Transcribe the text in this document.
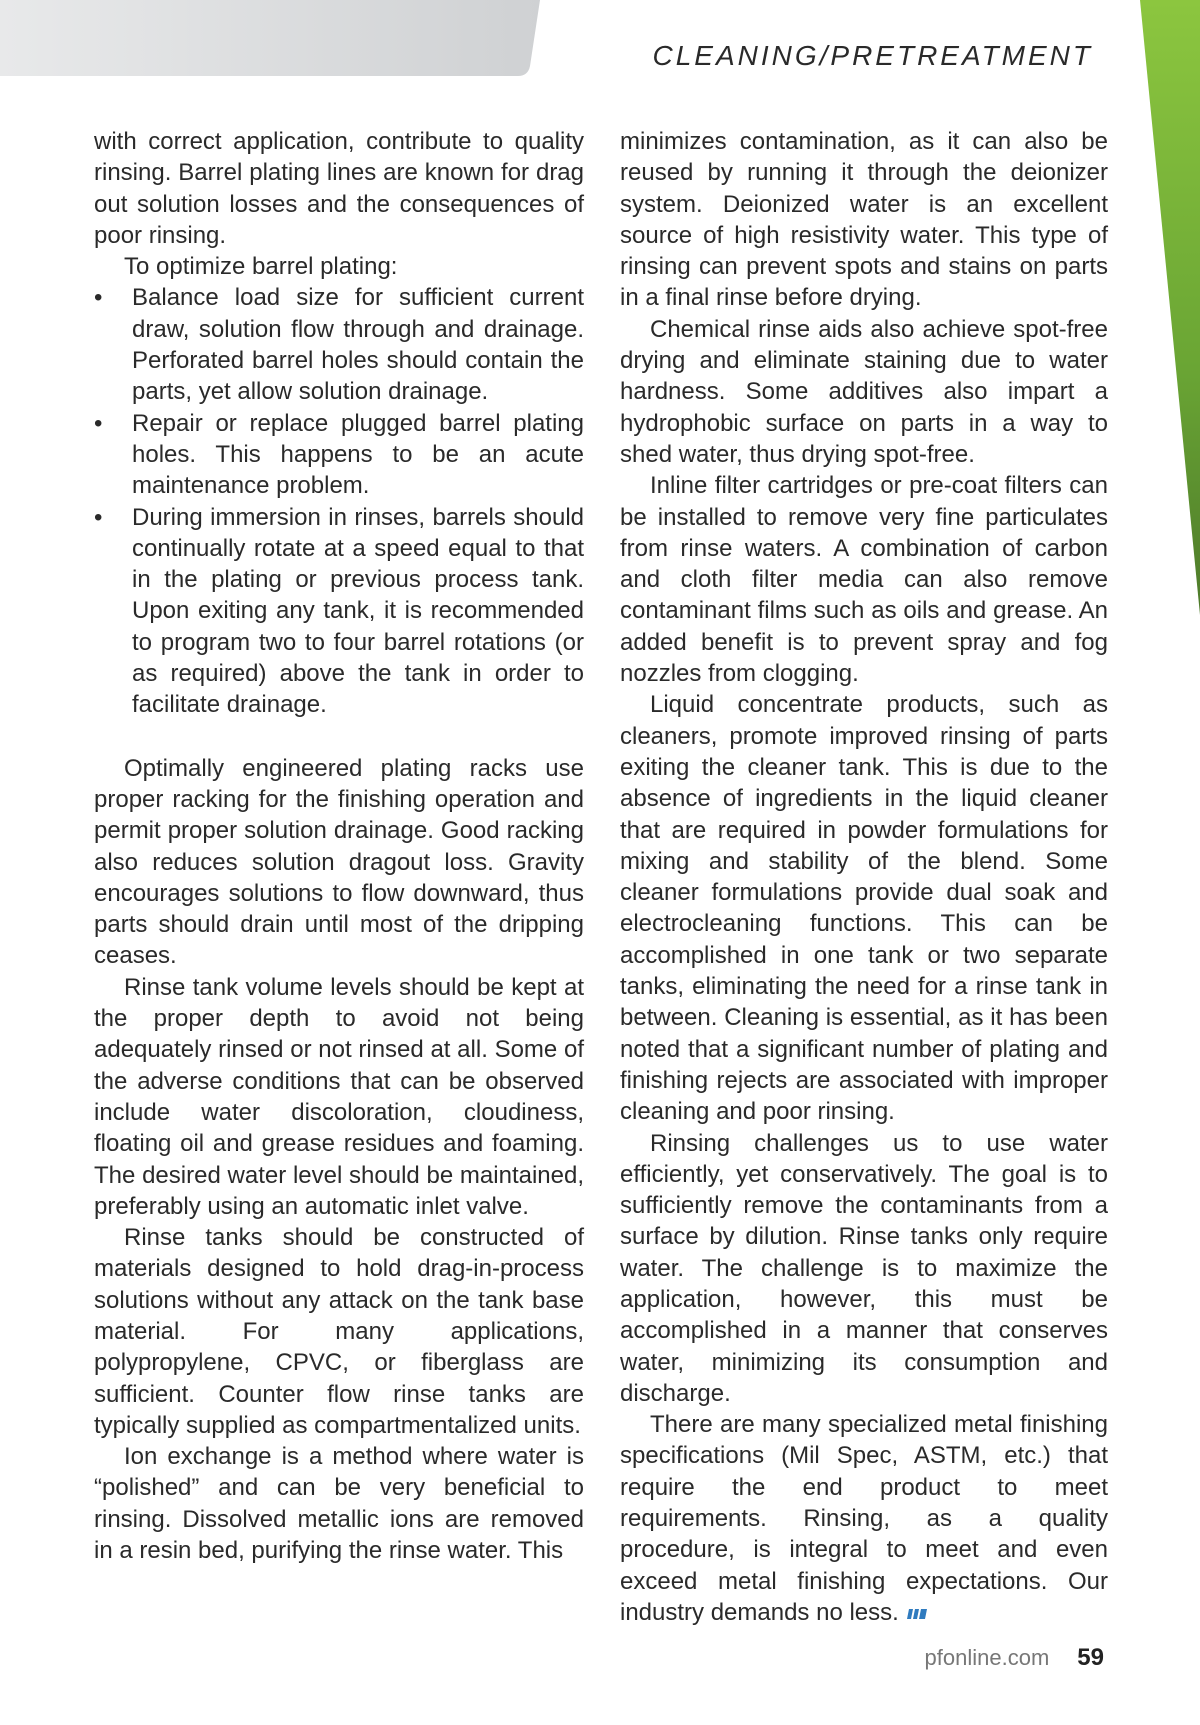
CLEANING/PRETREATMENT

with correct application, contribute to quality rinsing. Barrel plating lines are known for drag out solution losses and the consequences of poor rinsing.

To optimize barrel plating:

• Balance load size for sufficient current draw, solution flow through and drainage. Perforated barrel holes should contain the parts, yet allow solution drainage.
• Repair or replace plugged barrel plating holes. This happens to be an acute maintenance problem.
• During immersion in rinses, barrels should continually rotate at a speed equal to that in the plating or previous process tank. Upon exiting any tank, it is recommended to program two to four barrel rotations (or as required) above the tank in order to facilitate drainage.

Optimally engineered plating racks use proper racking for the finishing operation and permit proper solution drainage. Good racking also reduces solution dragout loss. Gravity encourages solutions to flow downward, thus parts should drain until most of the dripping ceases.

Rinse tank volume levels should be kept at the proper depth to avoid not being adequately rinsed or not rinsed at all. Some of the adverse conditions that can be observed include water discoloration, cloudiness, floating oil and grease residues and foaming. The desired water level should be maintained, preferably using an automatic inlet valve.

Rinse tanks should be constructed of materials designed to hold drag-in-process solutions without any attack on the tank base material. For many applications, polypropylene, CPVC, or fiberglass are sufficient. Counter flow rinse tanks are typically supplied as compartmentalized units.

Ion exchange is a method where water is “polished” and can be very beneficial to rinsing. Dissolved metallic ions are removed in a resin bed, purifying the rinse water. This

minimizes contamination, as it can also be reused by running it through the deionizer system. Deionized water is an excellent source of high resistivity water. This type of rinsing can prevent spots and stains on parts in a final rinse before drying.

Chemical rinse aids also achieve spot-free drying and eliminate staining due to water hardness. Some additives also impart a hydrophobic surface on parts in a way to shed water, thus drying spot-free.

Inline filter cartridges or pre-coat filters can be installed to remove very fine particulates from rinse waters. A combination of carbon and cloth filter media can also remove contaminant films such as oils and grease. An added benefit is to prevent spray and fog nozzles from clogging.

Liquid concentrate products, such as cleaners, promote improved rinsing of parts exiting the cleaner tank. This is due to the absence of ingredients in the liquid cleaner that are required in powder formulations for mixing and stability of the blend. Some cleaner formulations provide dual soak and electrocleaning functions. This can be accomplished in one tank or two separate tanks, eliminating the need for a rinse tank in between. Cleaning is essential, as it has been noted that a significant number of plating and finishing rejects are associated with improper cleaning and poor rinsing.

Rinsing challenges us to use water efficiently, yet conservatively. The goal is to sufficiently remove the contaminants from a surface by dilution. Rinse tanks only require water. The challenge is to maximize the application, however, this must be accomplished in a manner that conserves water, minimizing its consumption and discharge.

There are many specialized metal finishing specifications (Mil Spec, ASTM, etc.) that require the end product to meet requirements. Rinsing, as a quality procedure, is integral to meet and even exceed metal finishing expectations. Our industry demands no less.

pfonline.com 59
